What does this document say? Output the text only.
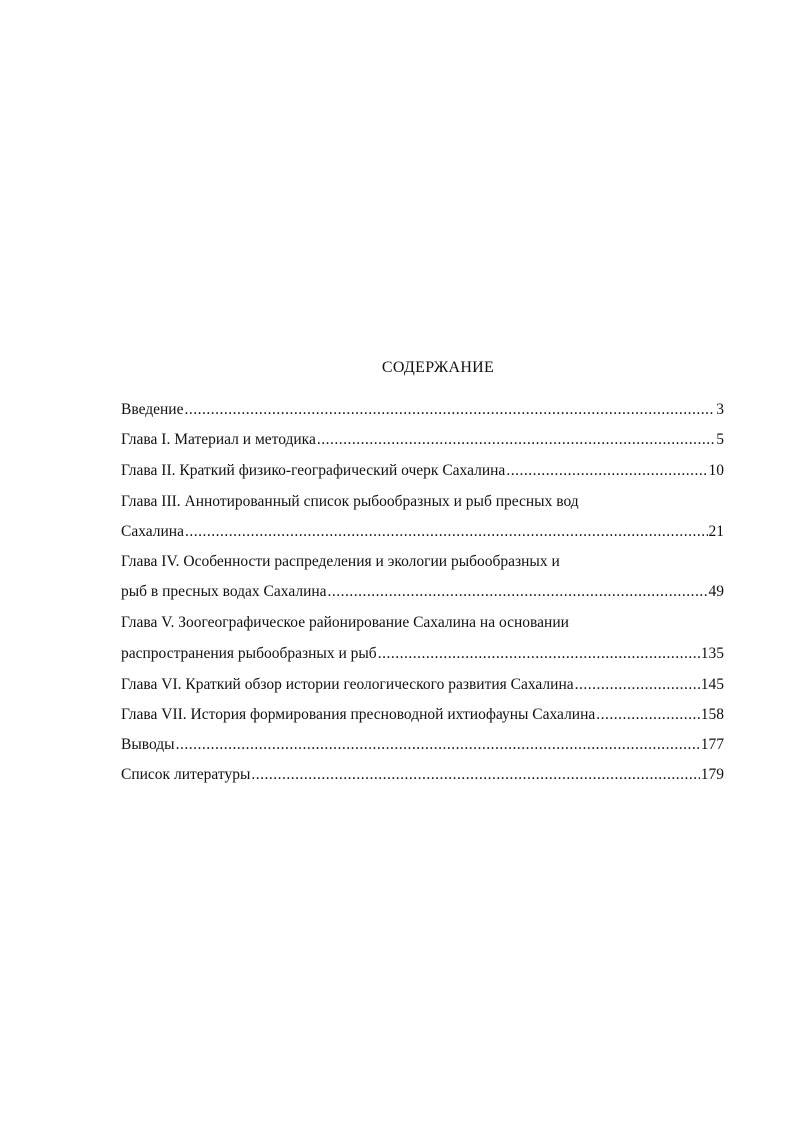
СОДЕРЖАНИЕ
Введение .....	3
Глава I. Материал и методика .....	5
Глава II. Краткий физико-географический очерк Сахалина .....	10
Глава III. Аннотированный список рыбообразных и рыб пресных вод
Сахалина .....	21
Глава IV. Особенности распределения и экологии рыбообразных и
рыб в пресных водах Сахалина .....	49
Глава V. Зоогеографическое районирование Сахалина на основании
распространения рыбообразных и рыб .....	135
Глава VI. Краткий обзор истории геологического развития Сахалина .....	145
Глава VII. История формирования пресноводной ихтиофауны Сахалина .....	158
Выводы .....	177
Список литературы .....	179
